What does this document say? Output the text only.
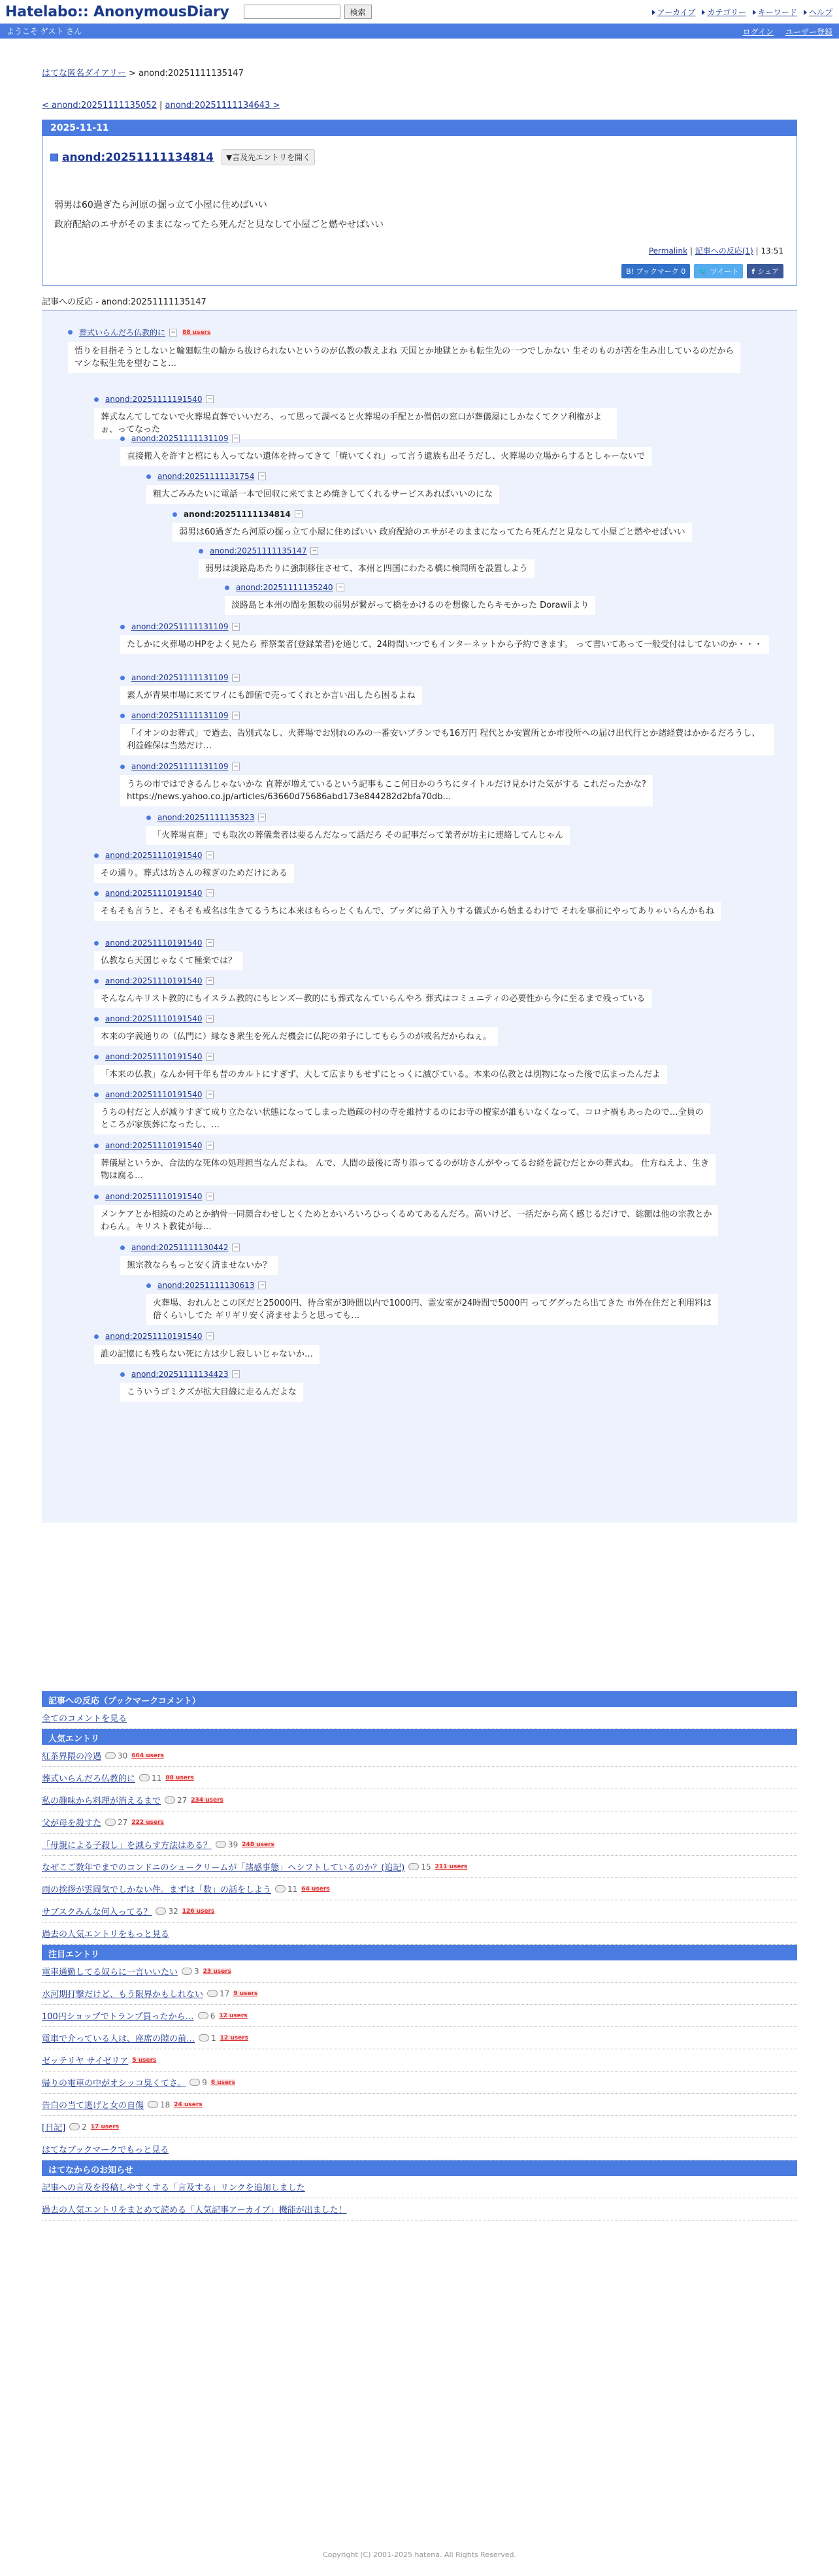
Hatelabo:: AnonymousDiary	検索	アーカイブ カテゴリー キーワード ヘルプ
ようこそ ゲスト さん	ログイン ユーザー登録
はてな匿名ダイアリー > anond:20251111135147
< anond:20251111135052 | anond:20251111134643 >
2025-11-11
anond:20251111134814	▼言及先エントリを開く
弱男は60過ぎたら河原の掘っ立て小屋に住めばいい
政府配給のエサがそのままになってたら死んだと見なして小屋ごと燃やせばいい
Permalink | 記事への反応(1) | 13:51
B! ブックマーク 0	🐦 ツイート f シェア
記事への反応 - anond:20251111135147
葬式いらんだろ仏教的に − 88 users
悟りを目指そうとしないと輪廻転生の輪から抜けられないというのが仏教の教えよね 天国とか地獄とかも転生先の一つでしかない 生そのものが苦を生み出しているのだから
マシな転生先を望むこと…
anond:20251111191540 −
葬式なんてしてないで火葬場直葬でいいだろ、って思って調べると火葬場の手配とか僧侶の窓口が葬儀屋にしかなくてクソ利権がよぉ、ってなった
anond:20251111131109 −
直接搬入を許すと棺にも入ってない遺体を持ってきて「焼いてくれ」って言う遺族も出そうだし、火葬場の立場からするとしゃーないで
anond:20251111131754 −
粗大ごみみたいに電話一本で回収に来てまとめ焼きしてくれるサービスあればいいのにな
anond:20251111134814 −
弱男は60過ぎたら河原の掘っ立て小屋に住めばいい 政府配給のエサがそのままになってたら死んだと見なして小屋ごと燃やせばいい
anond:20251111135147 −
弱男は淡路島あたりに強制移住させて、本州と四国にわたる橋に検問所を設置しよう
anond:20251111135240 −
淡路島と本州の間を無数の弱男が繋がって橋をかけるのを想像したらキモかった Dorawiiより
anond:20251111131109 −
たしかに火葬場のHPをよく見たら 葬祭業者(登録業者)を通じて、24時間いつでもインターネットから予約できます。 って書いてあって一般受付はしてないのか・・・
anond:20251111131109 −
素人が青果市場に来てワイにも卸値で売ってくれとか言い出したら困るよね
anond:20251111131109 −
「イオンのお葬式」で過去、告別式なし、火葬場でお別れのみの一番安いプランでも16万円 程代とか安置所とか市役所への届け出代行とか諸経費はかかるだろうし、利益確保は当然だけ…
anond:20251111131109 −
うちの市ではできるんじゃないかな 直葬が増えているという記事もここ何日かのうちにタイトルだけ見かけた気がする これだったかな?
https://news.yahoo.co.jp/articles/63660d75686abd173e844282d2bfa70db…
anond:20251111135323 −
「火葬場直葬」でも取次の葬儀業者は要るんだなって話だろ その記事だって業者が坊主に連絡してんじゃん
anond:20251110191540 −
その通り。葬式は坊さんの稼ぎのためだけにある
anond:20251110191540 −
そもそも言うと、そもそも戒名は生きてるうちに本来はもらっとくもんで、ブッダに弟子入りする儀式から始まるわけで それを事前にやってありゃいらんかもね
anond:20251110191540 −
仏教なら天国じゃなくて極楽では？
anond:20251110191540 −
そんなんキリスト教的にもイスラム教的にもヒンズー教的にも葬式なんていらんやろ 葬式はコミュニティの必要性から今に至るまで残っている
anond:20251110191540 −
本来の字義通りの（仏門に）縁なき衆生を死んだ機会に仏陀の弟子にしてもらうのが戒名だからねぇ。
anond:20251110191540 −
「本来の仏教」なんか何千年も昔のカルトにすぎず、大して広まりもせずにとっくに滅びている。本来の仏教とは別物になった後で広まったんだよ
anond:20251110191540 −
うちの村だと人が減りすぎて成り立たない状態になってしまった過疎の村の寺を維持するのにお寺の檀家が誰もいなくなって、コロナ禍もあったので…全員の
ところが家族葬になったし、…
anond:20251110191540 −
葬儀屋というか、合法的な死体の処理担当なんだよね。 んで、人間の最後に寄り添ってるのが坊さんがやってるお経を読むだとかの葬式ね。 仕方ねえよ、生き
物は腐る…
anond:20251110191540 −
メンケアとか相続のためとか納骨一同顔合わせしとくためとかいろいろひっくるめてあるんだろ。高いけど、一括だから高く感じるだけで、総額は他の宗教とか
わらん。キリスト教徒が毎…
anond:20251111130442 −
無宗教ならもっと安く済ませないか？
anond:20251111130613 −
火葬場、おれんとこの区だと25000円、待合室が3時間以内で1000円、霊安室が24時間で5000円 ってググったら出てきた 市外在住だと利用料は
倍くらいしてた ギリギリ安く済ませようと思っても…
anond:20251110191540 −
誰の記憶にも残らない死に方は少し寂しいじゃないか…
anond:20251111134423 −
こういうゴミクズが拡大目線に走るんだよな
記事への反応（ブックマークコメント）
全てのコメントを見る
人気エントリ
紅茶界隈の冷遇 30 664 users
葬式いらんだろ仏教的に 11 88 users
私の趣味から料理が消えるまで 27 234 users
父が母を殺すた 27 222 users
「母親による子殺し」を減らす方法はある？ 39 248 users
なぜこご数年でまでのコンドニのシュークリームが「諸感事態」ヘシフトしているのか？(追記) 15 211 users
雨の挨拶が雲岡気でしかない件。まずは「数」の話をしよう 11 64 users
サブスクみんな何入ってる？ 32 126 users
過去の人気エントリをもっと見る
注目エントリ
電車通勤してる奴らに一言いいたい 3 23 users
水河期打撃だけど、もう限界かもしれない 17 9 users
100円ショップでトランプ買ったから… 6 12 users
電車で介っている人は、座席の隙の前… 1 12 users
ゼッテリヤ サイゼリア 5 users
帰りの電車の中がオシッコ臭くてさ。 9 6 users
告白の当て逃げと女の自傷 18 24 users
[日記] 2 17 users
はてなブックマークでもっと見る
はてなからのお知らせ
記事への言及を投稿しやすくする「言及する」リンクを追加しました
過去の人気エントリをまとめて読める「人気記事アーカイブ」機能が出ました！
Copyright (C) 2001-2025 hatena. All Rights Reserved.
